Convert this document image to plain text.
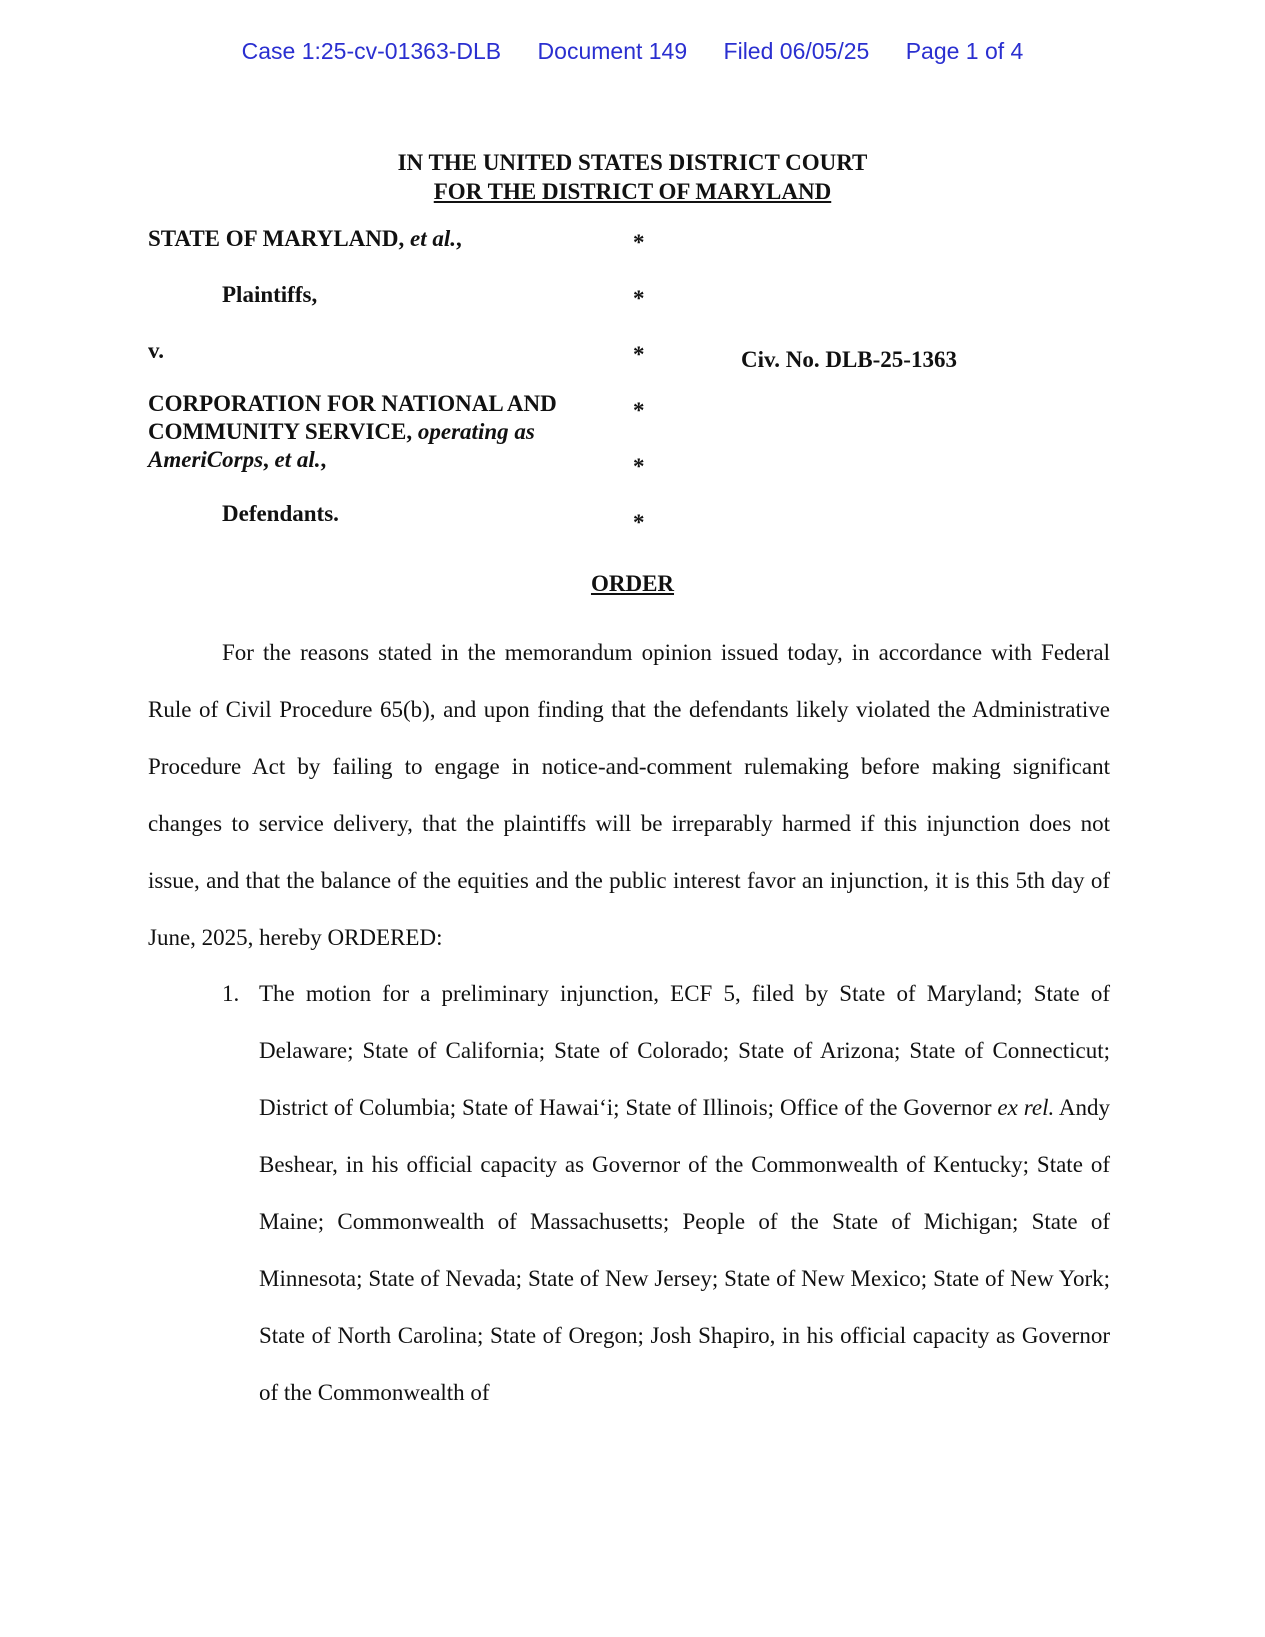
Case 1:25-cv-01363-DLB Document 149 Filed 06/05/25 Page 1 of 4
IN THE UNITED STATES DISTRICT COURT
FOR THE DISTRICT OF MARYLAND
STATE OF MARYLAND, et al.,
Plaintiffs,
v.
CORPORATION FOR NATIONAL AND
COMMUNITY SERVICE, operating as
AmeriCorps, et al.,
Defendants.
*
*
*
*
*
*
Civ. No. DLB-25-1363
ORDER

For the reasons stated in the memorandum opinion issued today, in accordance with Federal Rule of Civil Procedure 65(b), and upon finding that the defendants likely violated the Administrative Procedure Act by failing to engage in notice-and-comment rulemaking before making significant changes to service delivery, that the plaintiffs will be irreparably harmed if this injunction does not issue, and that the balance of the equities and the public interest favor an injunction, it is this 5th day of June, 2025, hereby ORDERED:

1. The motion for a preliminary injunction, ECF 5, filed by State of Maryland; State of Delaware; State of California; State of Colorado; State of Arizona; State of Connecticut; District of Columbia; State of Hawai‘i; State of Illinois; Office of the Governor ex rel. Andy Beshear, in his official capacity as Governor of the Commonwealth of Kentucky; State of Maine; Commonwealth of Massachusetts; People of the State of Michigan; State of Minnesota; State of Nevada; State of New Jersey; State of New Mexico; State of New York; State of North Carolina; State of Oregon; Josh Shapiro, in his official capacity as Governor of the Commonwealth of
